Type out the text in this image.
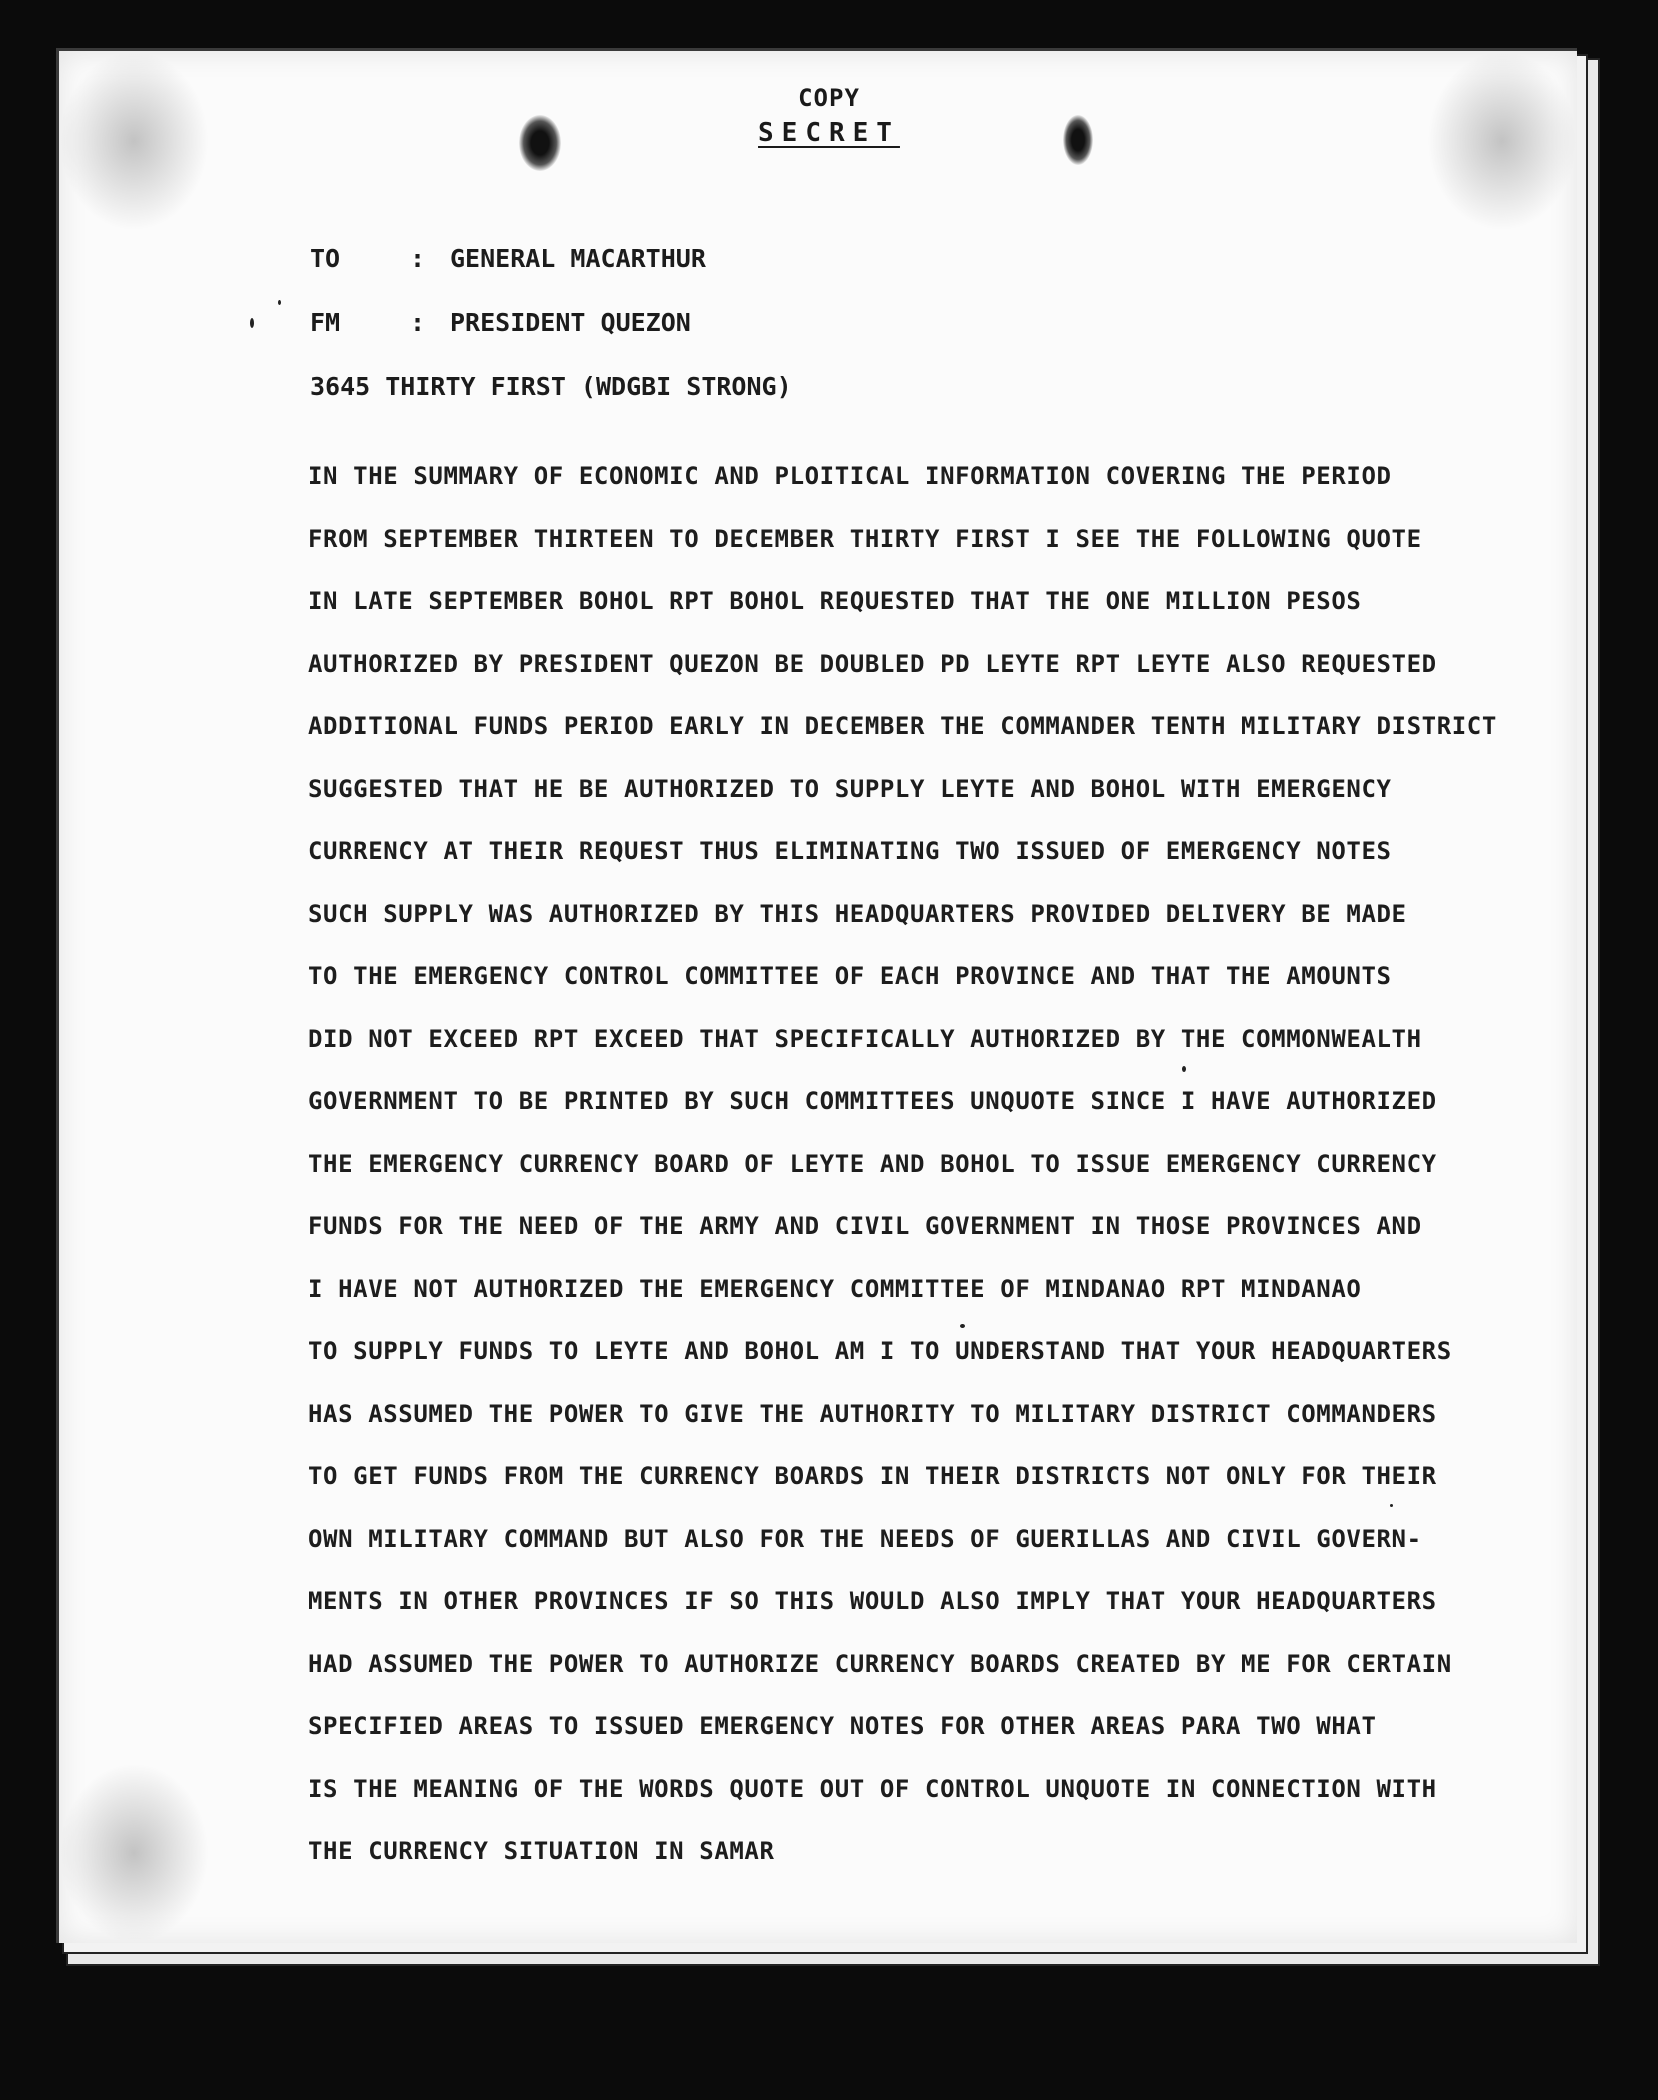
COPY
SECRET
TO	: GENERAL MACARTHUR
FM	: PRESIDENT QUEZON
3645 THIRTY FIRST (WDGBI STRONG)
IN THE SUMMARY OF ECONOMIC AND PLOITICAL INFORMATION COVERING THE PERIOD
FROM SEPTEMBER THIRTEEN TO DECEMBER THIRTY FIRST I SEE THE FOLLOWING QUOTE
IN LATE SEPTEMBER BOHOL RPT BOHOL REQUESTED THAT THE ONE MILLION PESOS
AUTHORIZED BY PRESIDENT QUEZON BE DOUBLED PD LEYTE RPT LEYTE ALSO REQUESTED
ADDITIONAL FUNDS PERIOD EARLY IN DECEMBER THE COMMANDER TENTH MILITARY DISTRICT
SUGGESTED THAT HE BE AUTHORIZED TO SUPPLY LEYTE AND BOHOL WITH EMERGENCY
CURRENCY AT THEIR REQUEST THUS ELIMINATING TWO ISSUED OF EMERGENCY NOTES
SUCH SUPPLY WAS AUTHORIZED BY THIS HEADQUARTERS PROVIDED DELIVERY BE MADE
TO THE EMERGENCY CONTROL COMMITTEE OF EACH PROVINCE AND THAT THE AMOUNTS
DID NOT EXCEED RPT EXCEED THAT SPECIFICALLY AUTHORIZED BY THE COMMONWEALTH
GOVERNMENT TO BE PRINTED BY SUCH COMMITTEES UNQUOTE SINCE I HAVE AUTHORIZED
THE EMERGENCY CURRENCY BOARD OF LEYTE AND BOHOL TO ISSUE EMERGENCY CURRENCY
FUNDS FOR THE NEED OF THE ARMY AND CIVIL GOVERNMENT IN THOSE PROVINCES AND
I HAVE NOT AUTHORIZED THE EMERGENCY COMMITTEE OF MINDANAO RPT MINDANAO
TO SUPPLY FUNDS TO LEYTE AND BOHOL AM I TO UNDERSTAND THAT YOUR HEADQUARTERS
HAS ASSUMED THE POWER TO GIVE THE AUTHORITY TO MILITARY DISTRICT COMMANDERS
TO GET FUNDS FROM THE CURRENCY BOARDS IN THEIR DISTRICTS NOT ONLY FOR THEIR
OWN MILITARY COMMAND BUT ALSO FOR THE NEEDS OF GUERILLAS AND CIVIL GOVERN-
MENTS IN OTHER PROVINCES IF SO THIS WOULD ALSO IMPLY THAT YOUR HEADQUARTERS
HAD ASSUMED THE POWER TO AUTHORIZE CURRENCY BOARDS CREATED BY ME FOR CERTAIN
SPECIFIED AREAS TO ISSUED EMERGENCY NOTES FOR OTHER AREAS PARA TWO WHAT
IS THE MEANING OF THE WORDS QUOTE OUT OF CONTROL UNQUOTE IN CONNECTION WITH
THE CURRENCY SITUATION IN SAMAR
